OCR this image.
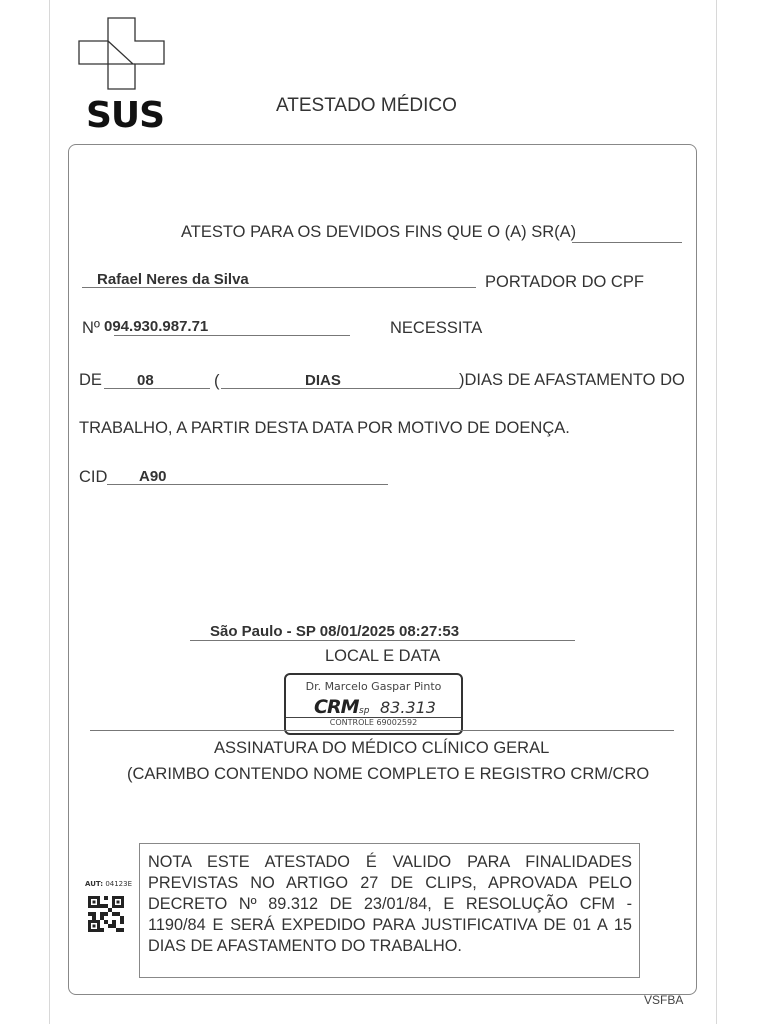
SUS	ATESTADO MÉDICO
ATESTO PARA OS DEVIDOS FINS QUE O (A) SR(A)
Rafael Neres da Silva	PORTADOR DO CPF
Nº 094.930.987.71	NECESSITA
DE 08	(	DIAS	)DIAS DE AFASTAMENTO DO
TRABALHO, A PARTIR DESTA DATA POR MOTIVO DE DOENÇA.
CID A90
São Paulo - SP 08/01/2025 08:27:53
LOCAL E DATA
Dr. Marcelo Gaspar Pinto
CRM sp 83.313
CONTROLE 69002592
ASSINATURA DO MÉDICO CLÍNICO GERAL
(CARIMBO CONTENDO NOME COMPLETO E REGISTRO CRM/CRO
AUT: 04123E
NOTA ESTE ATESTADO É VALIDO PARA FINALIDADES PREVISTAS NO ARTIGO 27 DE CLIPS, APROVADA PELO DECRETO Nº 89.312 DE 23/01/84, E RESOLUÇÃO CFM - 1190/84 E SERÁ EXPEDIDO PARA JUSTIFICATIVA DE 01 A 15 DIAS DE AFASTAMENTO DO TRABALHO.
VSFBA
